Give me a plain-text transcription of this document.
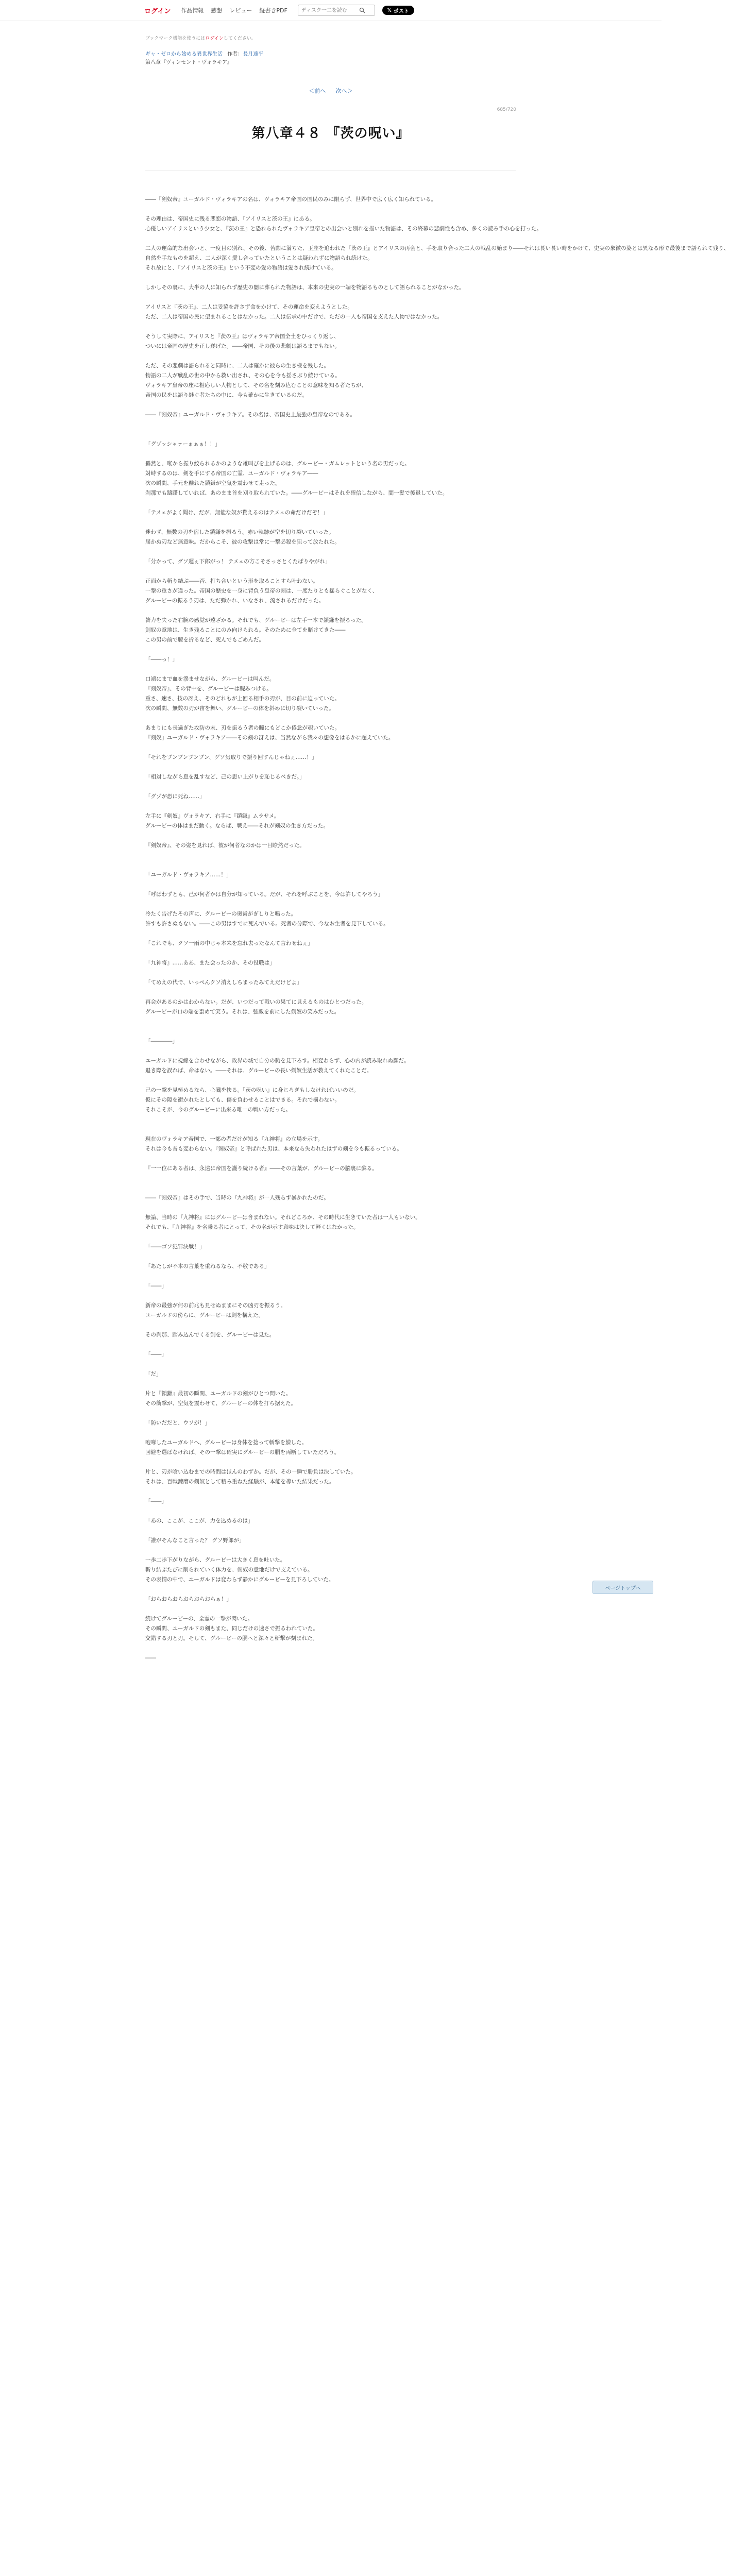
ログイン	作品情報 感想 レビュー 縦書きPDF
ディスク一二を読む	𝕏 ポスト
ブックマーク機能を使うにはログインしてください。
ギャ・ゼロから始める異世界生活 作者：長月達平
第八章『ヴィンセント・ヴォラキア』
＜前へ 次へ＞
685/720
第八章４８ 『茨の呪い』

――『剣奴帝』ユーガルド・ヴォラキアの名は、ヴォラキア帝国の国民のみに限らず、世界中で広く広く知られている。

その理由は、帝国史に残る悲恋の物語、『アイリスと茨の王』にある。

心優しいアイリスという少女と、『茨の王』と恐れられたヴォラキア皇帝との出会いと別れを描いた物語は、その終幕の悲劇性も含め、多くの読み手の心を打った。

二人の運命的な出会いと、一度目の別れ、その後、苦悶に満ちた、玉座を追われた『茨の王』とアイリスの再会と、手を取り合った二人の戦乱の始まり――それは長い長い時をかけて、史実の象徴の姿とは異なる形で最後まで語られて残り、

自然を手なものを超え、二人が深く愛し合っていたということは疑われずに物語られ続けた。

それ故にと、『アイリスと茨の王』という不変の愛の物語は愛され続けている。

しかしその裏に、大半の人に知られず歴史の闇に葬られた物語は、本来の史実の一端を物語るものとして語られることがなかった。

アイリスと『茨の王』、二人は妥協を許さず命をかけて、その運命を変えようとした。

ただ、二人は帝国の民に望まれることはなかった。二人は伝承の中だけで、ただの一人も帝国を支えた人物ではなかった。

そうして実際に、アイリスと『茨の王』はヴォラキア帝国全土をひっくり返し、

ついには帝国の歴史を正し遂げた。――帝国、その後の悲劇は語るまでもない。

ただ、その悲劇は語られると同時に、二人は確かに彼らの生き様を残した。

物語の二人が戦乱の世の中から救い出され、その心を今も揺さぶり続けている。

ヴォラキア皇帝の座に相応しい人物として、その名を刻み込むことの意味を知る者たちが、

帝国の民をは語り継ぐ者たちの中に、今も確かに生きているのだ。

――『剣奴帝』ユーガルド・ヴォラキア。その名は、帝国史上最強の皇帝なのである。

「グゾッシャァーぁぁぁ！！」

轟然と、喉から振り絞られるかのような雄叫びを上げるのは、グルービー・ガムレットという名の男だった。

対峙するのは、剣を手にする帝国の亡霊、ユーガルド・ヴォラキア――

次の瞬間、手元を離れた鎖鎌が空気を震わせて走った。

刹那でも躊躇していれば、あのまま首を刈り取られていた。――グルービーはそれを確信しながら、間一髪で後退していた。

「テメェがよく聞け、だが、無能な奴が貰えるのはテメェの命だけだぞ！」

迷わず、無数の刃を宿した鎖鎌を振るう。赤い軌跡が空を切り裂いていった。

届かぬ刃など無意味。だからこそ、彼の攻撃は常に一撃必殺を狙って放たれた。

「分かって、グソ遅ぇ下郎がっ！ テメェの方こそさっさとくたばりやがれ」

正面から斬り結ぶ――否、打ち合いという形を取ることすら叶わない。

一撃の重さが違った。帝国の歴史を一身に背負う皇帝の剣は、一度たりとも揺らぐことがなく、

グルービーの振るう刃は、ただ弾かれ、いなされ、流されるだけだった。

膂力を失った右腕の感覚が遠ざかる。それでも、グルービーは左手一本で鎖鎌を振るった。

剣奴の意地は、生き残ることにのみ向けられる。そのために全てを賭けてきた――

この男の前で膝を折るなど、死んでもごめんだ。

「――っ！」

口端にまで血を滲ませながら、グルービーは叫んだ。

『剣奴帝』、その背中を、グルービーは睨みつける。

重さ、速さ、技の冴え、そのどれもが上回る相手の刃が、目の前に迫っていた。

次の瞬間、無数の刃が宙を舞い、グルービーの体を斜めに切り裂いていった。

あまりにも長過ぎた攻防の末、刃を振るう者の瞳にもどこか倦怠が覗いていた。

『剣奴』ユーガルド・ヴォラキア――その剣の冴えは、当然ながら我々の想像をはるかに超えていた。

「それをブンブンブンブン、グソ気取りで振り回すんじゃねぇ……！」

「相対しながら息を乱すなど、己の思い上がりを恥じるべきだ。」

「グゾが恐に死ね……」

左手に『剣奴』ヴォラキア、右手に『鎖鎌』ムラサメ。

グルービーの体はまだ動く。ならば、戦え――それが剣奴の生き方だった。

『剣奴帝』、その姿を見れば、彼が何者なのかは一目瞭然だった。

「ユーガルド・ヴォラキア……！」

「呼ばわずとも、己が何者かは自分が知っている。だが、それを呼ぶことを、今は許してやろう」

冷たく告げたその声に、グルービーの奥歯がぎしりと鳴った。

許すも許さぬもない。――この男はすでに死んでいる。死者の分際で、今なお生者を見下している。

「これでも、クソ一雨の中じゃ本来を忘れ去ったなんて言わせねぇ」

「九神将』……ああ、また会ったのか、その役職は」

「てめえの代で、いっぺんクソ消えしちまったみてえだけどよ」

再会があるのかはわからない。だが、いつだって戦いの果てに見えるものはひとつだった。

グルービーが口の端を歪めて笑う。それは、強敵を前にした剣奴の笑みだった。

「――――」

ユーガルドに視線を合わせながら、政界の城で自分の駒を見下ろす。相変わらず、心の内が読み取れぬ顔だ。

退き際を誤れば、命はない。――それは、グルービーの長い剣奴生活が教えてくれたことだ。

己の一撃を見極めるなら、心臓を抉る。『茨の呪い』に身じろぎもしなければいいのだ。

仮にその隙を衝かれたとしても、傷を負わせることはできる。それで構わない。

それこそが、今のグルービーに出来る唯一の戦い方だった。

現在のヴォラキア帝国で、一部の者だけが知る『九神将』の立場を示す。

それは今も昔も変わらない。『剣奴帝』と呼ばれた男は、本来なら失われたはずの剣を今も振るっている。

『一一位にある者は、永遠に帝国を護り続ける者』――その言葉が、グルービーの脳裏に蘇る。

――『剣奴帝』はその手で、当時の『九神将』が一人残らず暴かれたのだ。

無論、当時の『九神将』にはグルービーは含まれない。それどころか、その時代に生きていた者は一人もいない。

それでも、『九神将』を名乗る者にとって、その名が示す意味は決して軽くはなかった。

「――ゴソ犯罪決戦！」

「あたしが不本の言葉を重ねるなら、不敬である」

「――」

新帝の最強が何の前兆も見せぬままにその凶刃を振るう。

ユーガルドの傍らに、グルービーは剣を構えた。

その刹那、踏み込んでくる剣を、グルービーは見た。

「――」

「だ」

片と『鎖鎌』最初の瞬間、ユーガルドの剣がひとつ閃いた。

その衝撃が、空気を震わせて、グルービーの体を打ち据えた。

「防いだだと、ウソが！」

咆哮したユーガルドへ、グルービーは身体を捻って斬撃を躱した。

回避を選ばなければ、その一撃は確実にグルービーの胴を両断していただろう。

片と、刃が喰い込むまでの時間はほんのわずか。だが、その一瞬で勝負は決していた。

それは、百戦錬磨の剣奴として積み重ねた経験が、本能を導いた結果だった。

「――」

「あの、ここが、ここが、力を込めるのは」

「誰がそんなこと言った？ グソ野郎が」

一歩二歩下がりながら、グルービーは大きく息を吐いた。

斬り結ぶたびに削られていく体力を、剣奴の意地だけで支えている。

その表情の中で、ユーガルドは変わらず静かにグルービーを見下ろしていた。

「おらおらおらおらおらおらぁ！」

続けてグルービーの、全霊の一撃が閃いた。

その瞬間、ユーガルドの剣もまた、同じだけの速さで振るわれていた。

交錯する刃と刃。そして、グルービーの胴へと深々と斬撃が刻まれた。

――

ページトップへ
